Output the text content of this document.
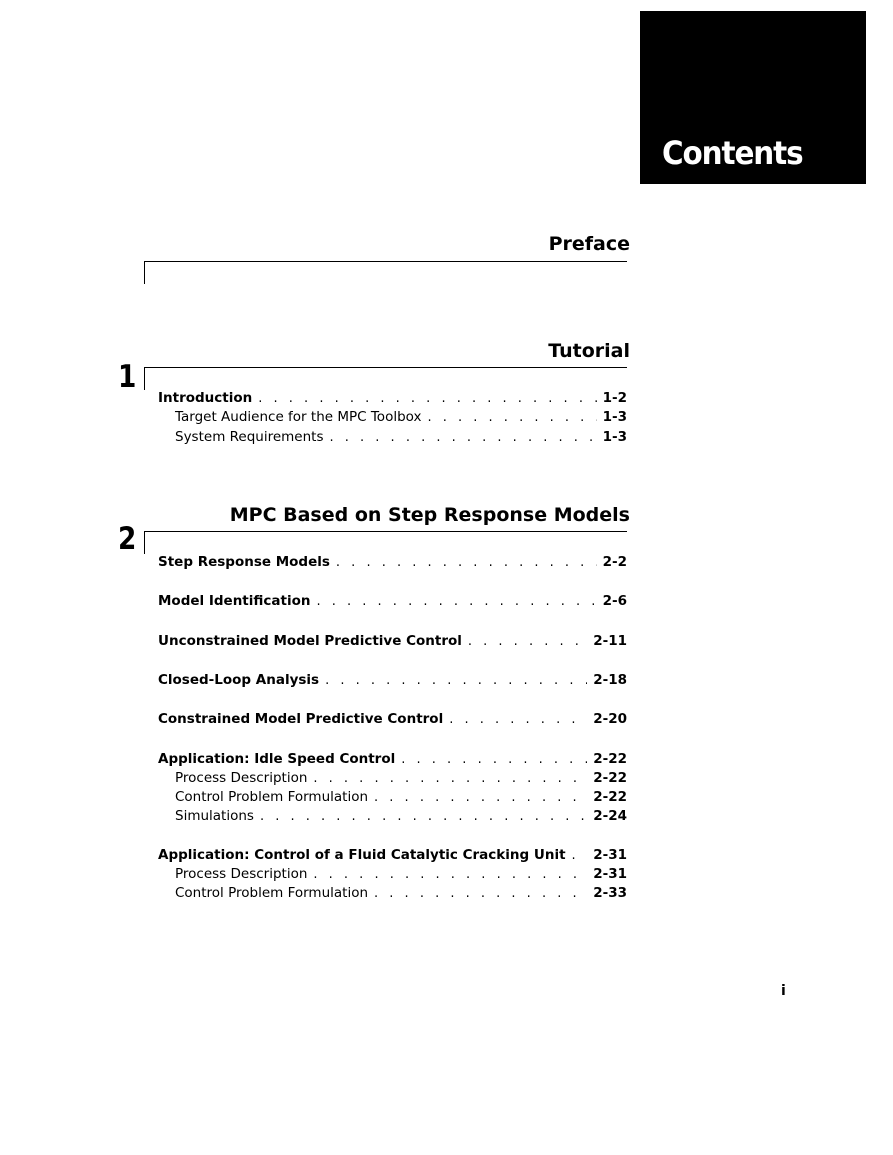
Contents
Preface
Tutorial
1
Introduction . . .	1-2
Target Audience for the MPC Toolbox . . .	1-3
System Requirements . . .	1-3
MPC Based on Step Response Models
2
Step Response Models . . .	2-2
Model Identification . . .	2-6
Unconstrained Model Predictive Control . . .	2-11
Closed-Loop Analysis . . .	2-18
Constrained Model Predictive Control . . .	2-20
Application: Idle Speed Control . . .	2-22
Process Description . . .	2-22
Control Problem Formulation . . .	2-22
Simulations . . .	2-24
Application: Control of a Fluid Catalytic Cracking Unit . . . 2-31
Process Description . . .	2-31
Control Problem Formulation . . .	2-33
i
